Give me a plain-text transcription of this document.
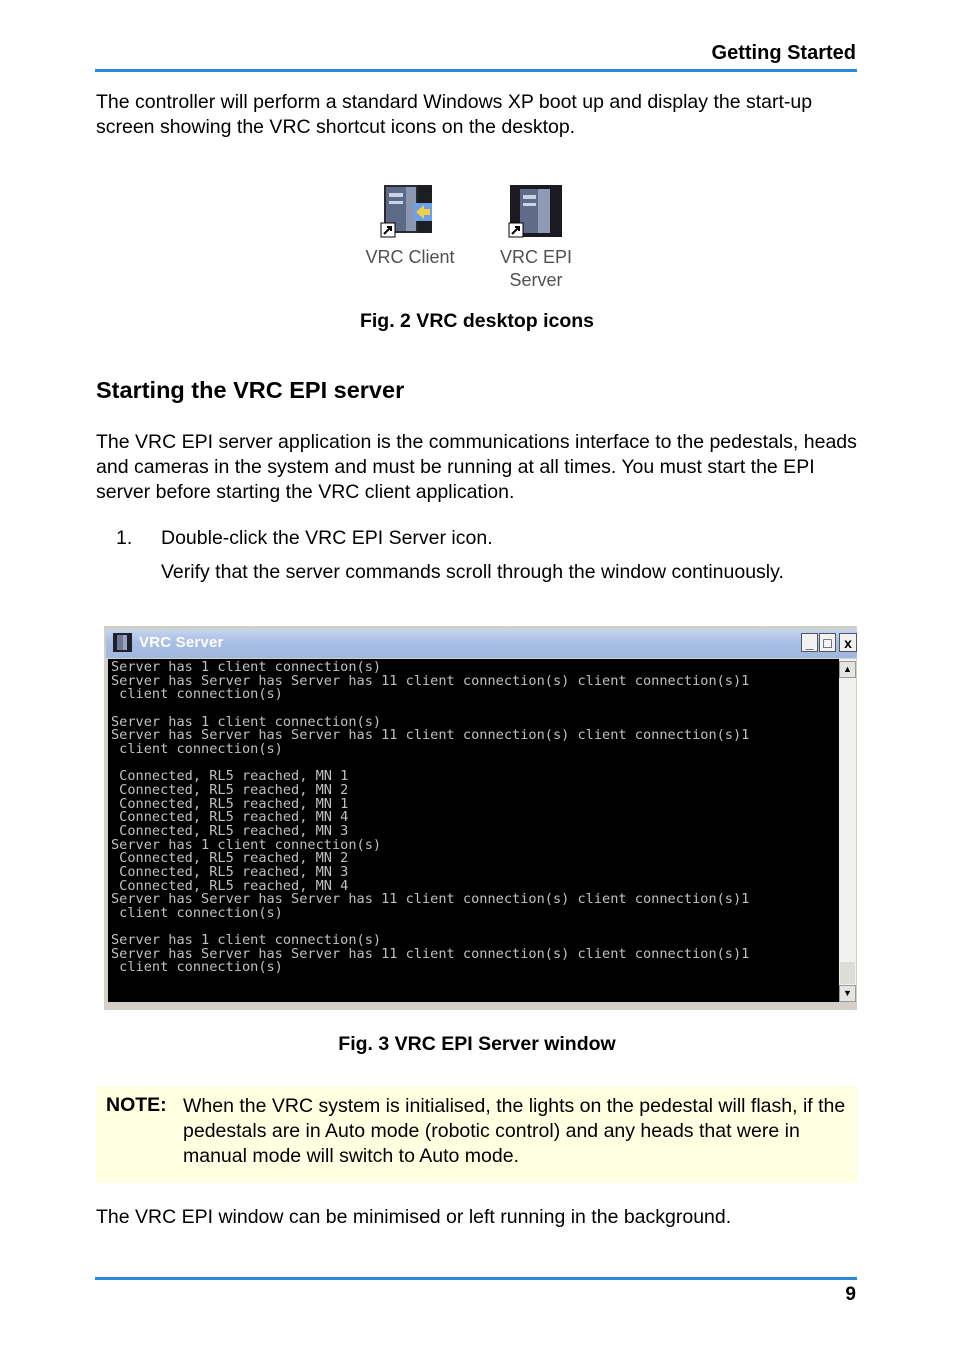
Getting Started
The controller will perform a standard Windows XP boot up and display the start-up screen showing the VRC shortcut icons on the desktop.
VRC Client	VRC EPI
Server
Fig. 2 VRC desktop icons
Starting the VRC EPI server
The VRC EPI server application is the communications interface to the pedestals, heads and cameras in the system and must be running at all times. You must start the EPI server before starting the VRC client application.
1. Double-click the VRC EPI Server icon.
Verify that the server commands scroll through the window continuously.
VRC Server	_ □ x
Server has 1 client connection(s)
Server has Server has Server has 11 client connection(s) client connection(s)1
client connection(s)

Server has 1 client connection(s)
Server has Server has Server has 11 client connection(s) client connection(s)1
client connection(s)

Connected, RL5 reached, MN 1
Connected, RL5 reached, MN 2
Connected, RL5 reached, MN 1
Connected, RL5 reached, MN 4
Connected, RL5 reached, MN 3
Server has 1 client connection(s)
Connected, RL5 reached, MN 2
Connected, RL5 reached, MN 3
Connected, RL5 reached, MN 4
Server has Server has Server has 11 client connection(s) client connection(s)1
client connection(s)

Server has 1 client connection(s)
Server has Server has Server has 11 client connection(s) client connection(s)1
client connection(s)
▲
▼
Fig. 3 VRC EPI Server window
NOTE: When the VRC system is initialised, the lights on the pedestal will flash, if the pedestals are in Auto mode (robotic control) and any heads that were in manual mode will switch to Auto mode.
The VRC EPI window can be minimised or left running in the background.
9
